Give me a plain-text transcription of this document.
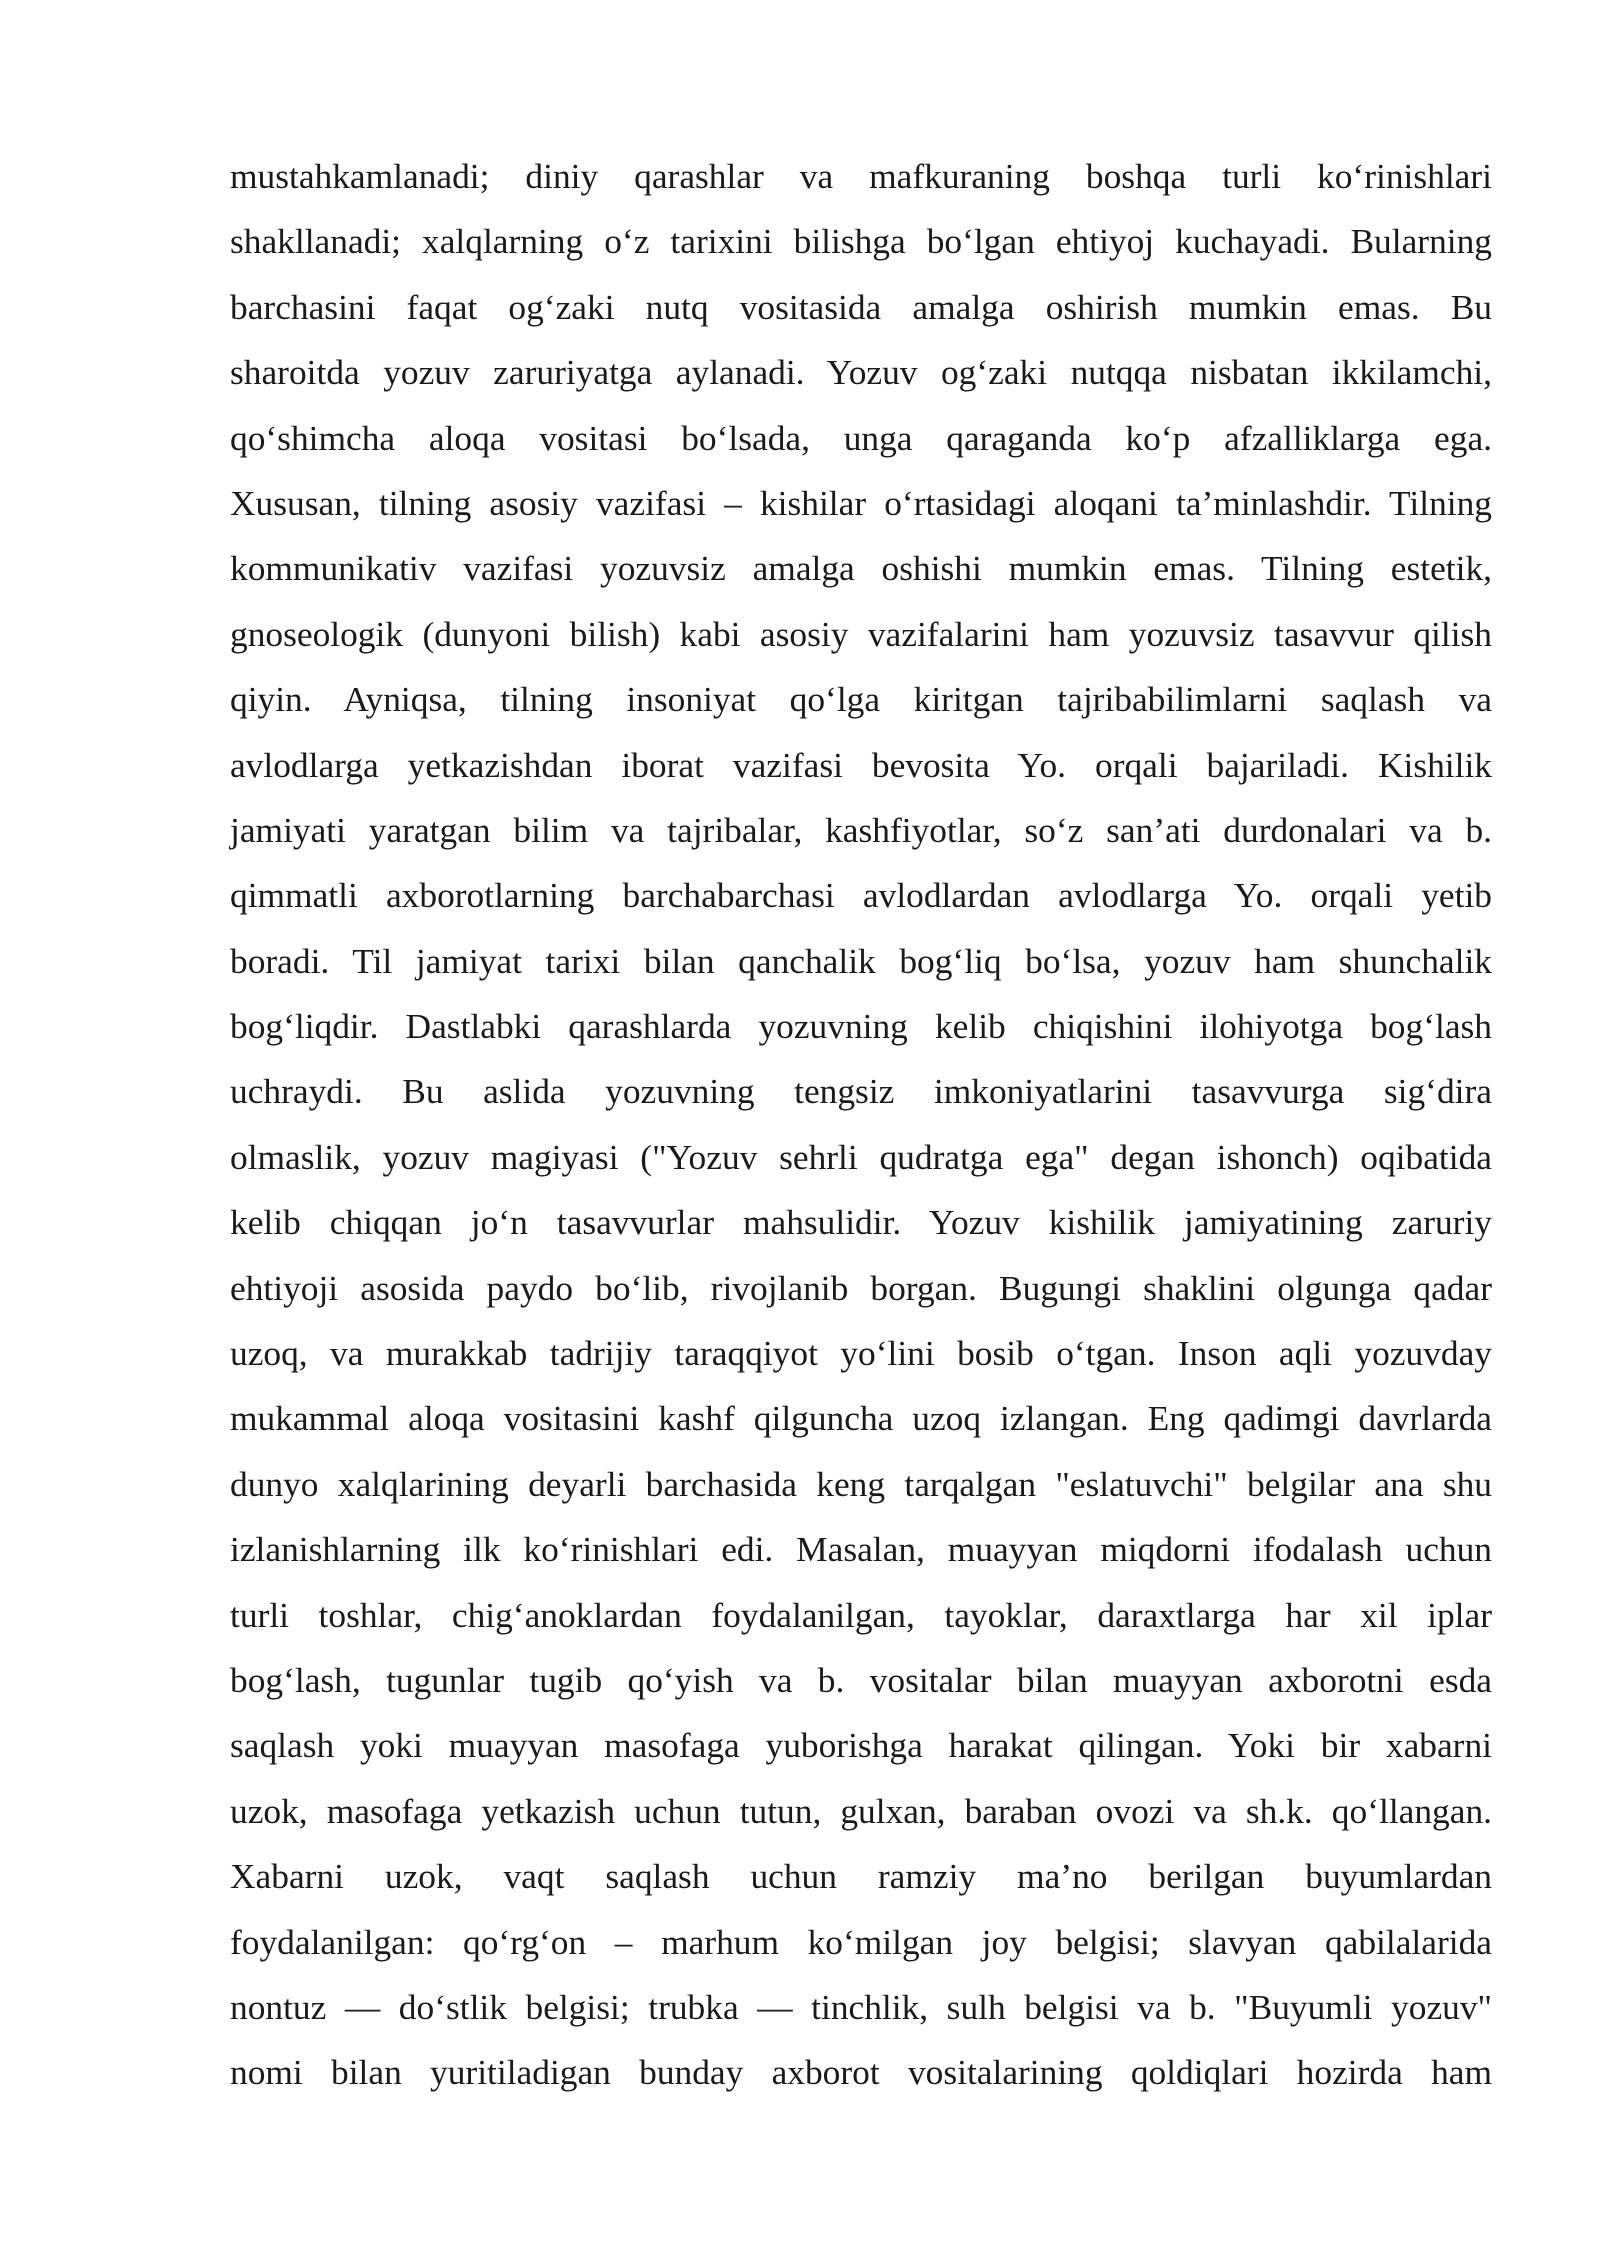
mustahkamlanadi; diniy qarashlar va mafkuraning boshqa turli ko‘rinishlari
shakllanadi; xalqlarning o‘z tarixini bilishga bo‘lgan ehtiyoj kuchayadi. Bularning
barchasini faqat og‘zaki nutq vositasida amalga oshirish mumkin emas. Bu
sharoitda yozuv zaruriyatga aylanadi. Yozuv og‘zaki nutqqa nisbatan ikkilamchi,
qo‘shimcha aloqa vositasi bo‘lsada, unga qaraganda ko‘p afzalliklarga ega.
Xususan, tilning asosiy vazifasi – kishilar o‘rtasidagi aloqani ta’minlashdir. Tilning
kommunikativ vazifasi yozuvsiz amalga oshishi mumkin emas. Tilning estetik,
gnoseologik (dunyoni bilish) kabi asosiy vazifalarini ham yozuvsiz tasavvur qilish
qiyin. Ayniqsa, tilning insoniyat qo‘lga kiritgan tajribabilimlarni saqlash va
avlodlarga yetkazishdan iborat vazifasi bevosita Yo. orqali bajariladi. Kishilik
jamiyati yaratgan bilim va tajribalar, kashfiyotlar, so‘z san’ati durdonalari va b.
qimmatli axborotlarning barchabarchasi avlodlardan avlodlarga Yo. orqali yetib
boradi. Til jamiyat tarixi bilan qanchalik bog‘liq bo‘lsa, yozuv ham shunchalik
bog‘liqdir. Dastlabki qarashlarda yozuvning kelib chiqishini ilohiyotga bog‘lash
uchraydi. Bu aslida yozuvning tengsiz imkoniyatlarini tasavvurga sig‘dira
olmaslik, yozuv magiyasi ("Yozuv sehrli qudratga ega" degan ishonch) oqibatida
kelib chiqqan jo‘n tasavvurlar mahsulidir. Yozuv kishilik jamiyatining zaruriy
ehtiyoji asosida paydo bo‘lib, rivojlanib borgan. Bugungi shaklini olgunga qadar
uzoq, va murakkab tadrijiy taraqqiyot yo‘lini bosib o‘tgan. Inson aqli yozuvday
mukammal aloqa vositasini kashf qilguncha uzoq izlangan. Eng qadimgi davrlarda
dunyo xalqlarining deyarli barchasida keng tarqalgan "eslatuvchi" belgilar ana shu
izlanishlarning ilk ko‘rinishlari edi. Masalan, muayyan miqdorni ifodalash uchun
turli toshlar, chig‘anoklardan foydalanilgan, tayoklar, daraxtlarga har xil iplar
bog‘lash, tugunlar tugib qo‘yish va b. vositalar bilan muayyan axborotni esda
saqlash yoki muayyan masofaga yuborishga harakat qilingan. Yoki bir xabarni
uzok, masofaga yetkazish uchun tutun, gulxan, baraban ovozi va sh.k. qo‘llangan.
Xabarni uzok, vaqt saqlash uchun ramziy ma’no berilgan buyumlardan
foydalanilgan: qo‘rg‘on – marhum ko‘milgan joy belgisi; slavyan qabilalarida
nontuz — do‘stlik belgisi; trubka — tinchlik, sulh belgisi va b. "Buyumli yozuv"
nomi bilan yuritiladigan bunday axborot vositalarining qoldiqlari hozirda ham
